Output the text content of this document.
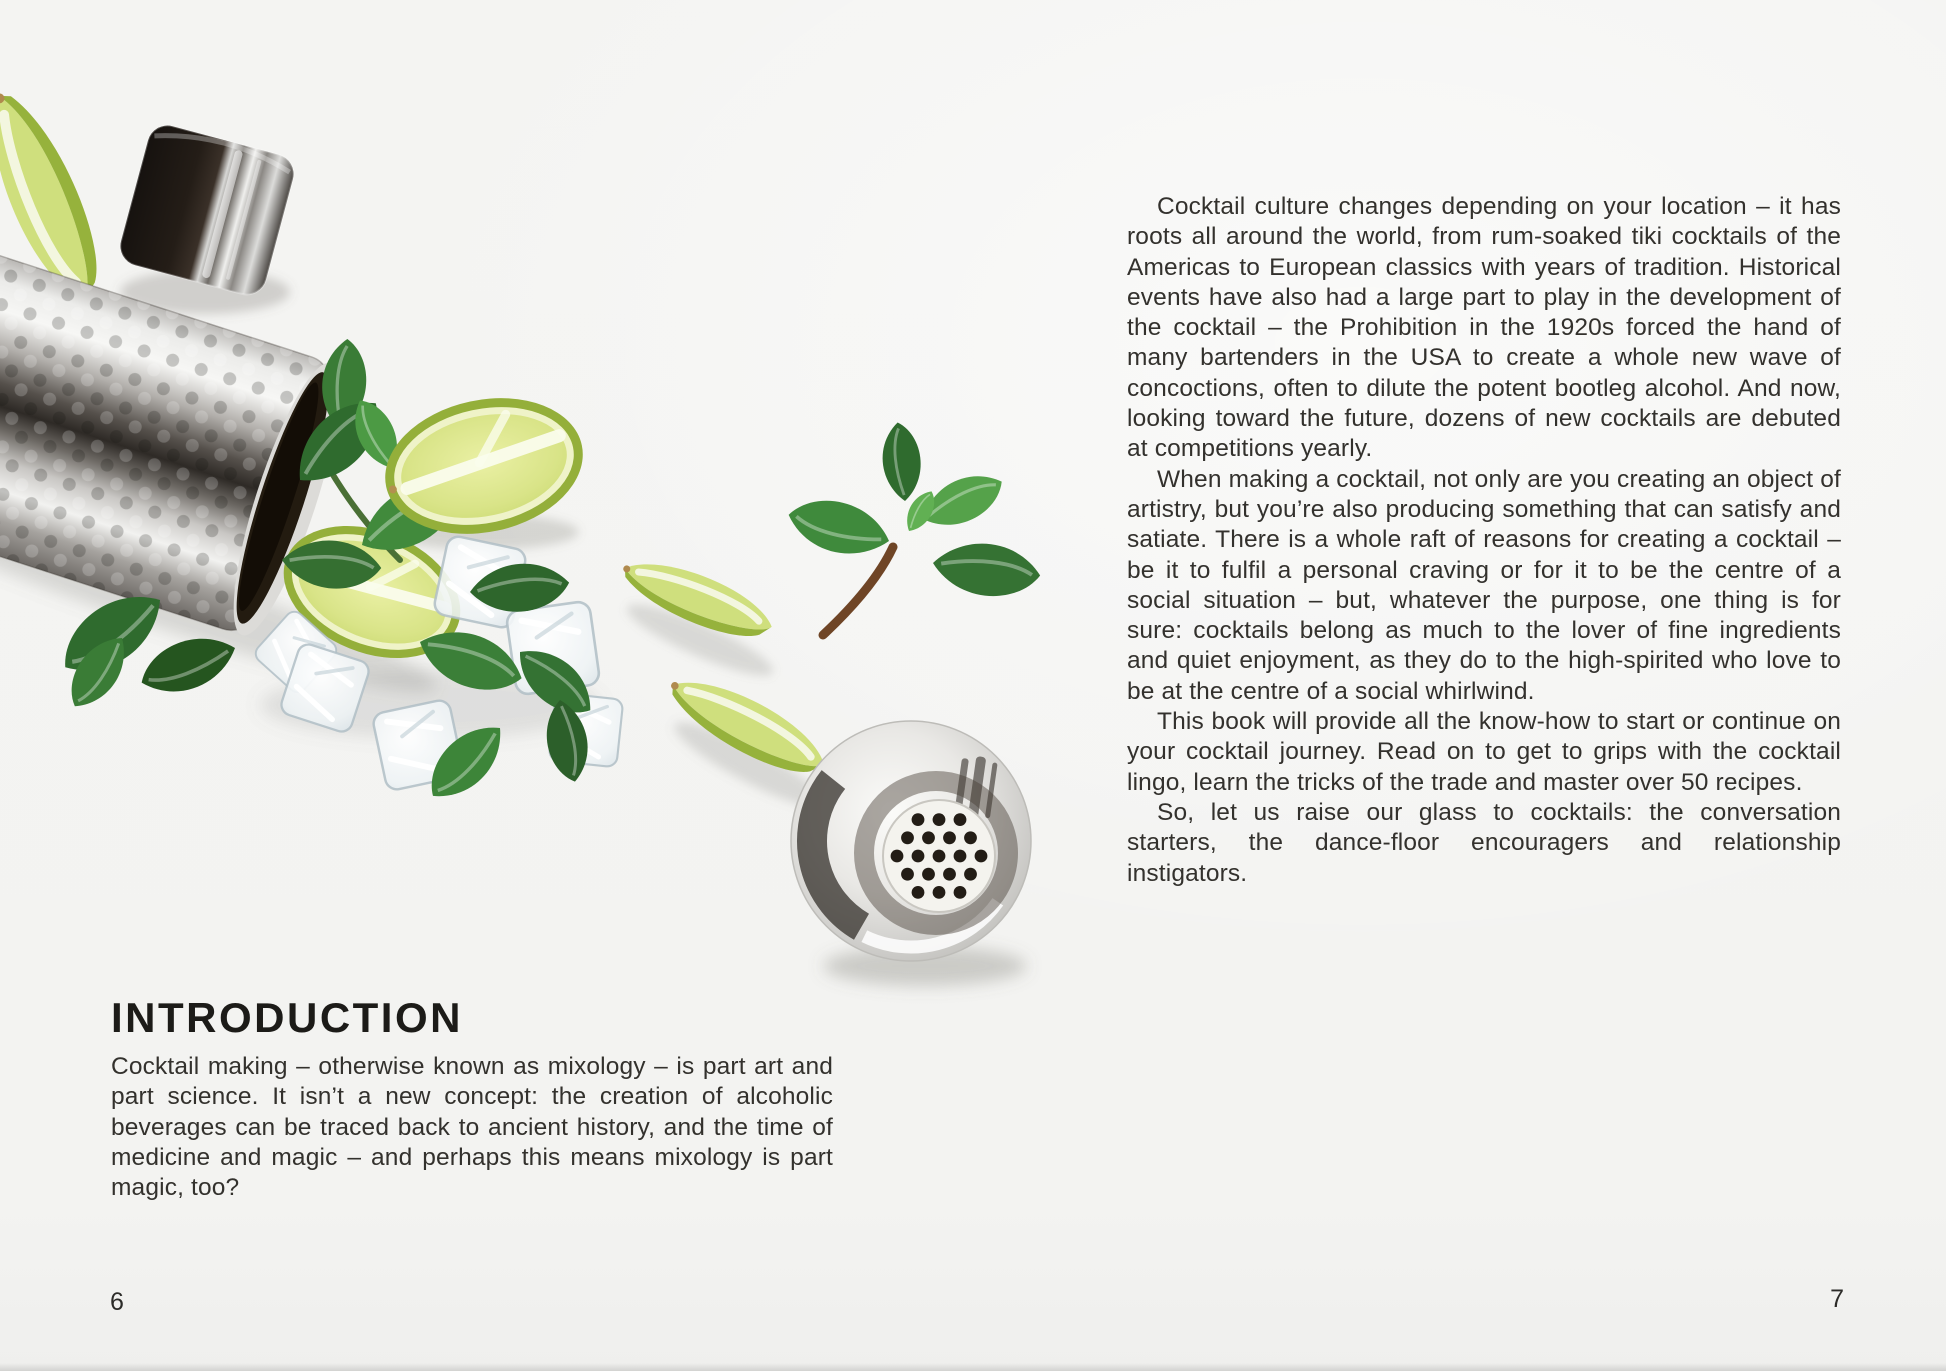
INTRODUCTION

Cocktail making – otherwise known as mixology – is part art and part science. It isn’t a new concept: the creation of alcoholic beverages can be traced back to ancient history, and the time of medicine and magic – and perhaps this means mixology is part magic, too?

6

Cocktail culture changes depending on your location – it has roots all around the world, from rum-soaked tiki cocktails of the Americas to European classics with years of tradition. Historical events have also had a large part to play in the development of the cocktail – the Prohibition in the 1920s forced the hand of many bartenders in the USA to create a whole new wave of concoctions, often to dilute the potent bootleg alcohol. And now, looking toward the future, dozens of new cocktails are debuted at competitions yearly.

When making a cocktail, not only are you creating an object of artistry, but you’re also producing something that can satisfy and satiate. There is a whole raft of reasons for creating a cocktail – be it to fulfil a personal craving or for it to be the centre of a social situation – but, whatever the purpose, one thing is for sure: cocktails belong as much to the lover of fine ingredients and quiet enjoyment, as they do to the high-spirited who love to be at the centre of a social whirlwind.

This book will provide all the know-how to start or continue on your cocktail journey. Read on to get to grips with the cocktail lingo, learn the tricks of the trade and master over 50 recipes.

So, let us raise our glass to cocktails: the conversation starters, the dance-floor encouragers and relationship instigators.

7
